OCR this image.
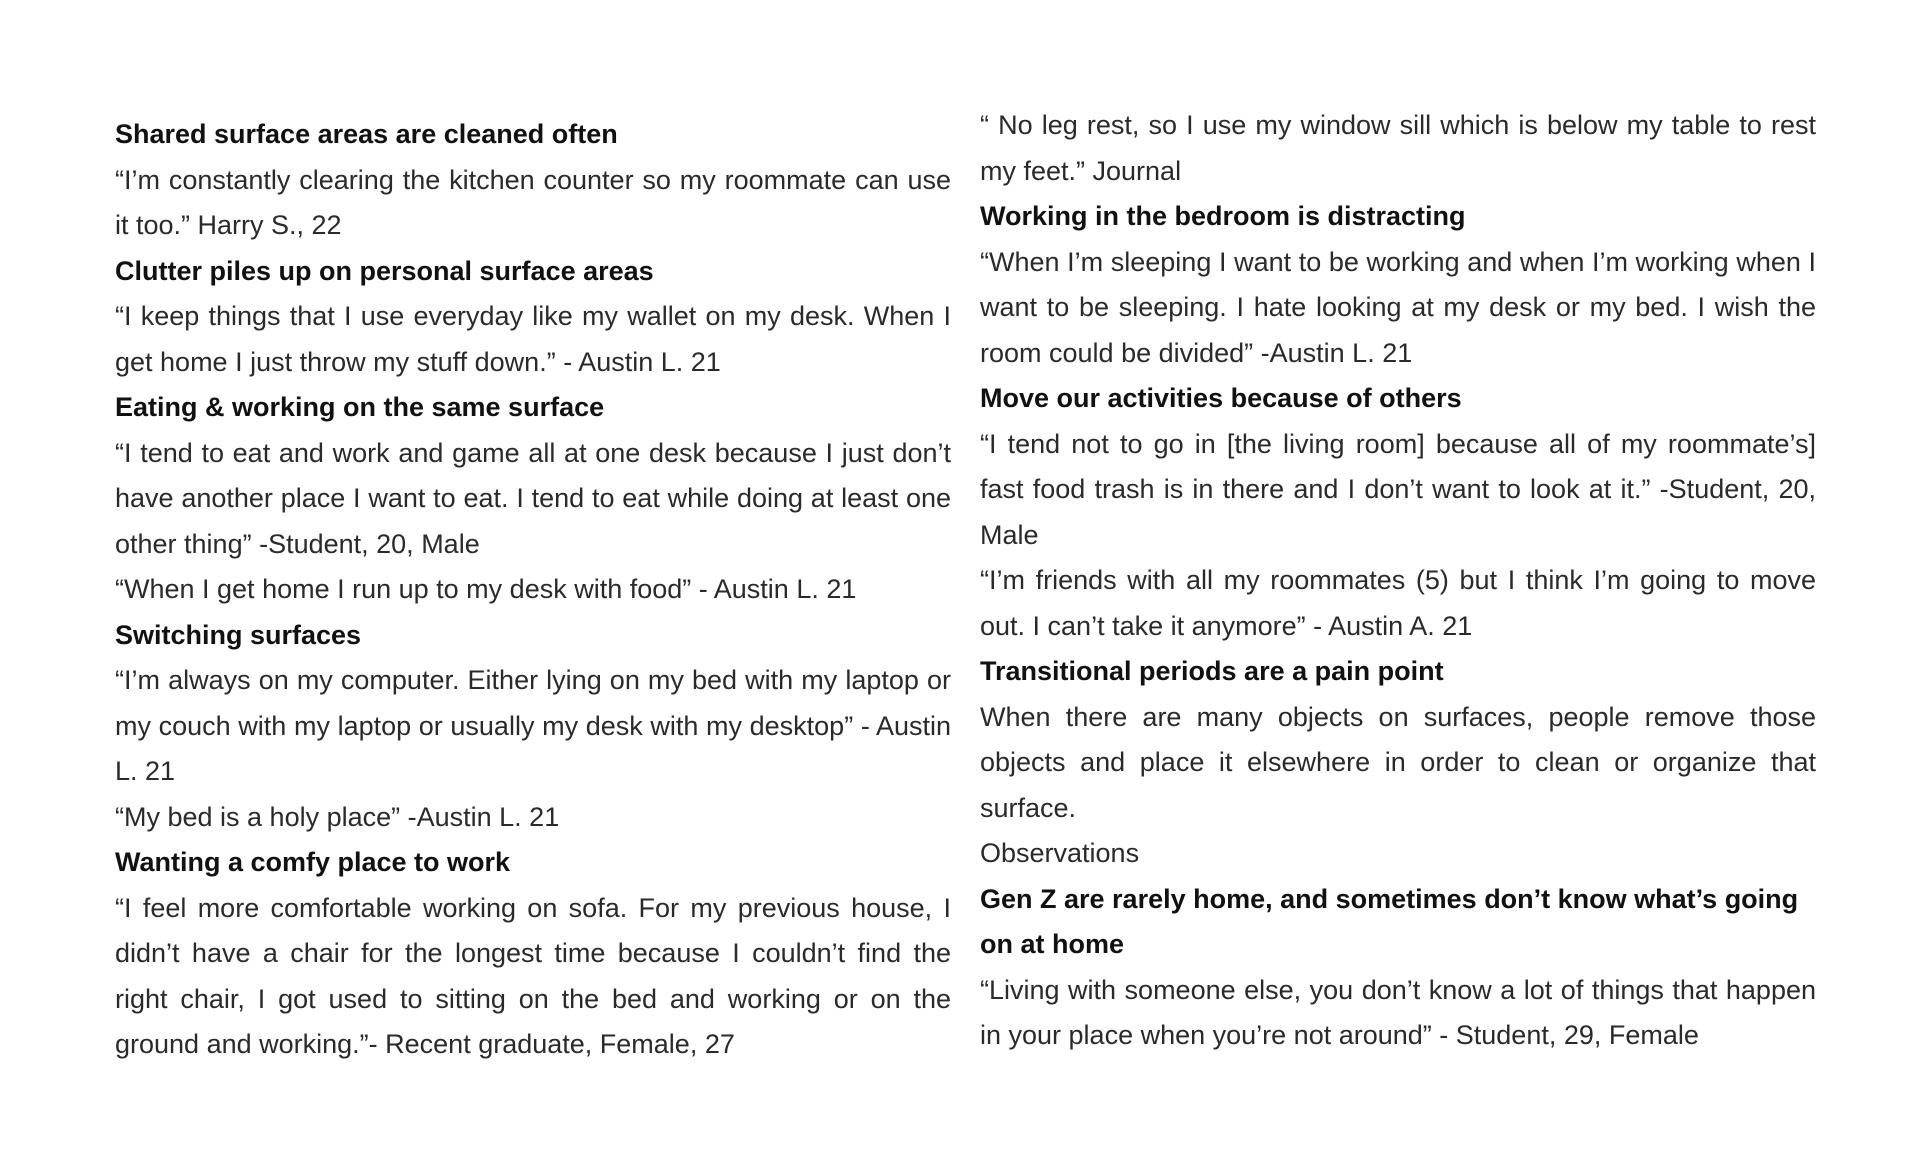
Shared surface areas are cleaned often
“I’m constantly clearing the kitchen counter so my roommate can use it too.” Harry S., 22
Clutter piles up on personal surface areas
“I keep things that I use everyday like my wallet on my desk. When I get home I just throw my stuff down.” - Austin L. 21
Eating & working on the same surface
“I tend to eat and work and game all at one desk because I just don’t have another place I want to eat. I tend to eat while doing at least one other thing” -Student, 20, Male
“When I get home I run up to my desk with food” - Austin L. 21
Switching surfaces
“I’m always on my computer. Either lying on my bed with my laptop or my couch with my laptop or usually my desk with my desktop” - Austin L. 21
“My bed is a holy place” -Austin L. 21
Wanting a comfy place to work
“I feel more comfortable working on sofa. For my previous house, I didn’t have a chair for the longest time because I couldn’t find the right chair, I got used to sitting on the bed and working or on the ground and working.”- Recent graduate, Female, 27
“ No leg rest, so I use my window sill which is below my table to rest my feet.” Journal
Working in the bedroom is distracting
“When I’m sleeping I want to be working and when I’m working when I want to be sleeping. I hate looking at my desk or my bed. I wish the room could be divided” -Austin L. 21
Move our activities because of others
“I tend not to go in [the living room] because all of my roommate’s] fast food trash is in there and I don’t want to look at it.” -Student, 20, Male
“I’m friends with all my roommates (5) but I think I’m going to move out. I can’t take it anymore” - Austin A. 21
Transitional periods are a pain point
When there are many objects on surfaces, people remove those objects and place it elsewhere in order to clean or organize that surface.
Observations
Gen Z are rarely home, and sometimes don’t know what’s going on at home
“Living with someone else, you don’t know a lot of things that happen in your place when you’re not around” - Student, 29, Female
